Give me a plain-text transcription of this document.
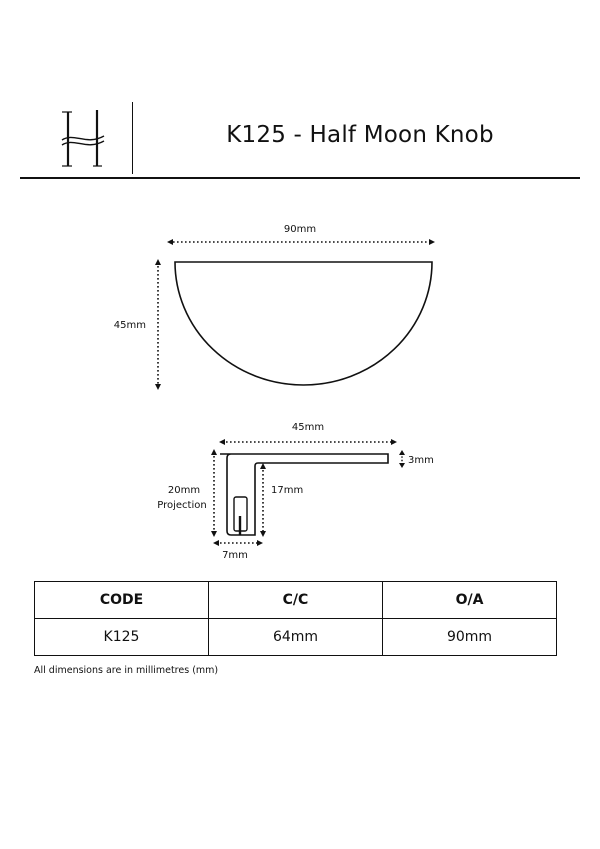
K125 - Half Moon Knob
90mm
45mm
45mm
3mm
20mm
Projection
17mm
7mm
CODE	C/C	O/A
K125	64mm	90mm
All dimensions are in millimetres (mm)
